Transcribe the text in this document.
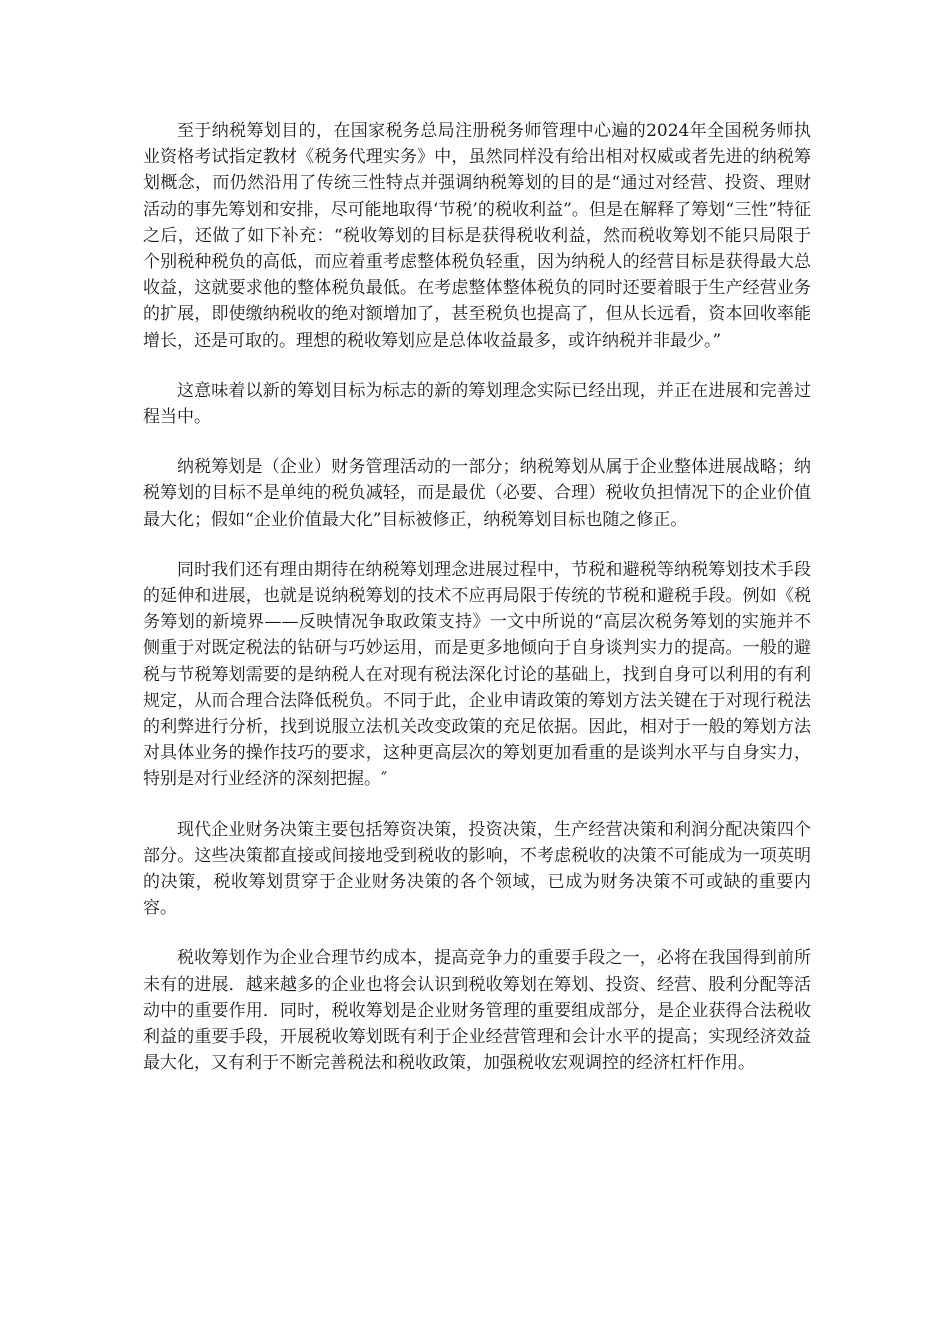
至于纳税筹划目的，在国家税务总局注册税务师管理中心遍的2024年全国税务师执业资格考试指定教材《税务代理实务》中，虽然同样没有给出相对权威或者先进的纳税筹划概念，而仍然沿用了传统三性特点并强调纳税筹划的目的是“通过对经营、投资、理财活动的事先筹划和安排，尽可能地取得‘节税’的税收利益”。但是在解释了筹划“三性”特征之后，还做了如下补充：“税收筹划的目标是获得税收利益，然而税收筹划不能只局限于个别税种税负的高低，而应着重考虑整体税负轻重，因为纳税人的经营目标是获得最大总收益，这就要求他的整体税负最低。在考虑整体整体税负的同时还要着眼于生产经营业务的扩展，即使缴纳税收的绝对额增加了，甚至税负也提高了，但从长远看，资本回收率能增长，还是可取的。理想的税收筹划应是总体收益最多，或许纳税并非最少。”

这意味着以新的筹划目标为标志的新的筹划理念实际已经出现，并正在进展和完善过程当中。

纳税筹划是（企业）财务管理活动的一部分；纳税筹划从属于企业整体进展战略；纳税筹划的目标不是单纯的税负减轻，而是最优（必要、合理）税收负担情况下的企业价值最大化；假如“企业价值最大化”目标被修正，纳税筹划目标也随之修正。

同时我们还有理由期待在纳税筹划理念进展过程中，节税和避税等纳税筹划技术手段的延伸和进展，也就是说纳税筹划的技术不应再局限于传统的节税和避税手段。例如《税务筹划的新境界——反映情况争取政策支持》一文中所说的“高层次税务筹划的实施并不侧重于对既定税法的钻研与巧妙运用，而是更多地倾向于自身谈判实力的提高。一般的避税与节税筹划需要的是纳税人在对现有税法深化讨论的基础上，找到自身可以利用的有利规定，从而合理合法降低税负。不同于此，企业申请政策的筹划方法关键在于对现行税法的利弊进行分析，找到说服立法机关改变政策的充足依据。因此，相对于一般的筹划方法对具体业务的操作技巧的要求，这种更高层次的筹划更加看重的是谈判水平与自身实力，特别是对行业经济的深刻把握。″

现代企业财务决策主要包括筹资决策，投资决策，生产经营决策和利润分配决策四个部分。这些决策都直接或间接地受到税收的影响，不考虑税收的决策不可能成为一项英明的决策，税收筹划贯穿于企业财务决策的各个领域，已成为财务决策不可或缺的重要内容。

税收筹划作为企业合理节约成本，提高竞争力的重要手段之一，必将在我国得到前所未有的进展．越来越多的企业也将会认识到税收筹划在筹划、投资、经营、股利分配等活动中的重要作用．同时，税收筹划是企业财务管理的重要组成部分，是企业获得合法税收利益的重要手段，开展税收筹划既有利于企业经营管理和会计水平的提高；实现经济效益最大化，又有利于不断完善税法和税收政策，加强税收宏观调控的经济杠杆作用。
